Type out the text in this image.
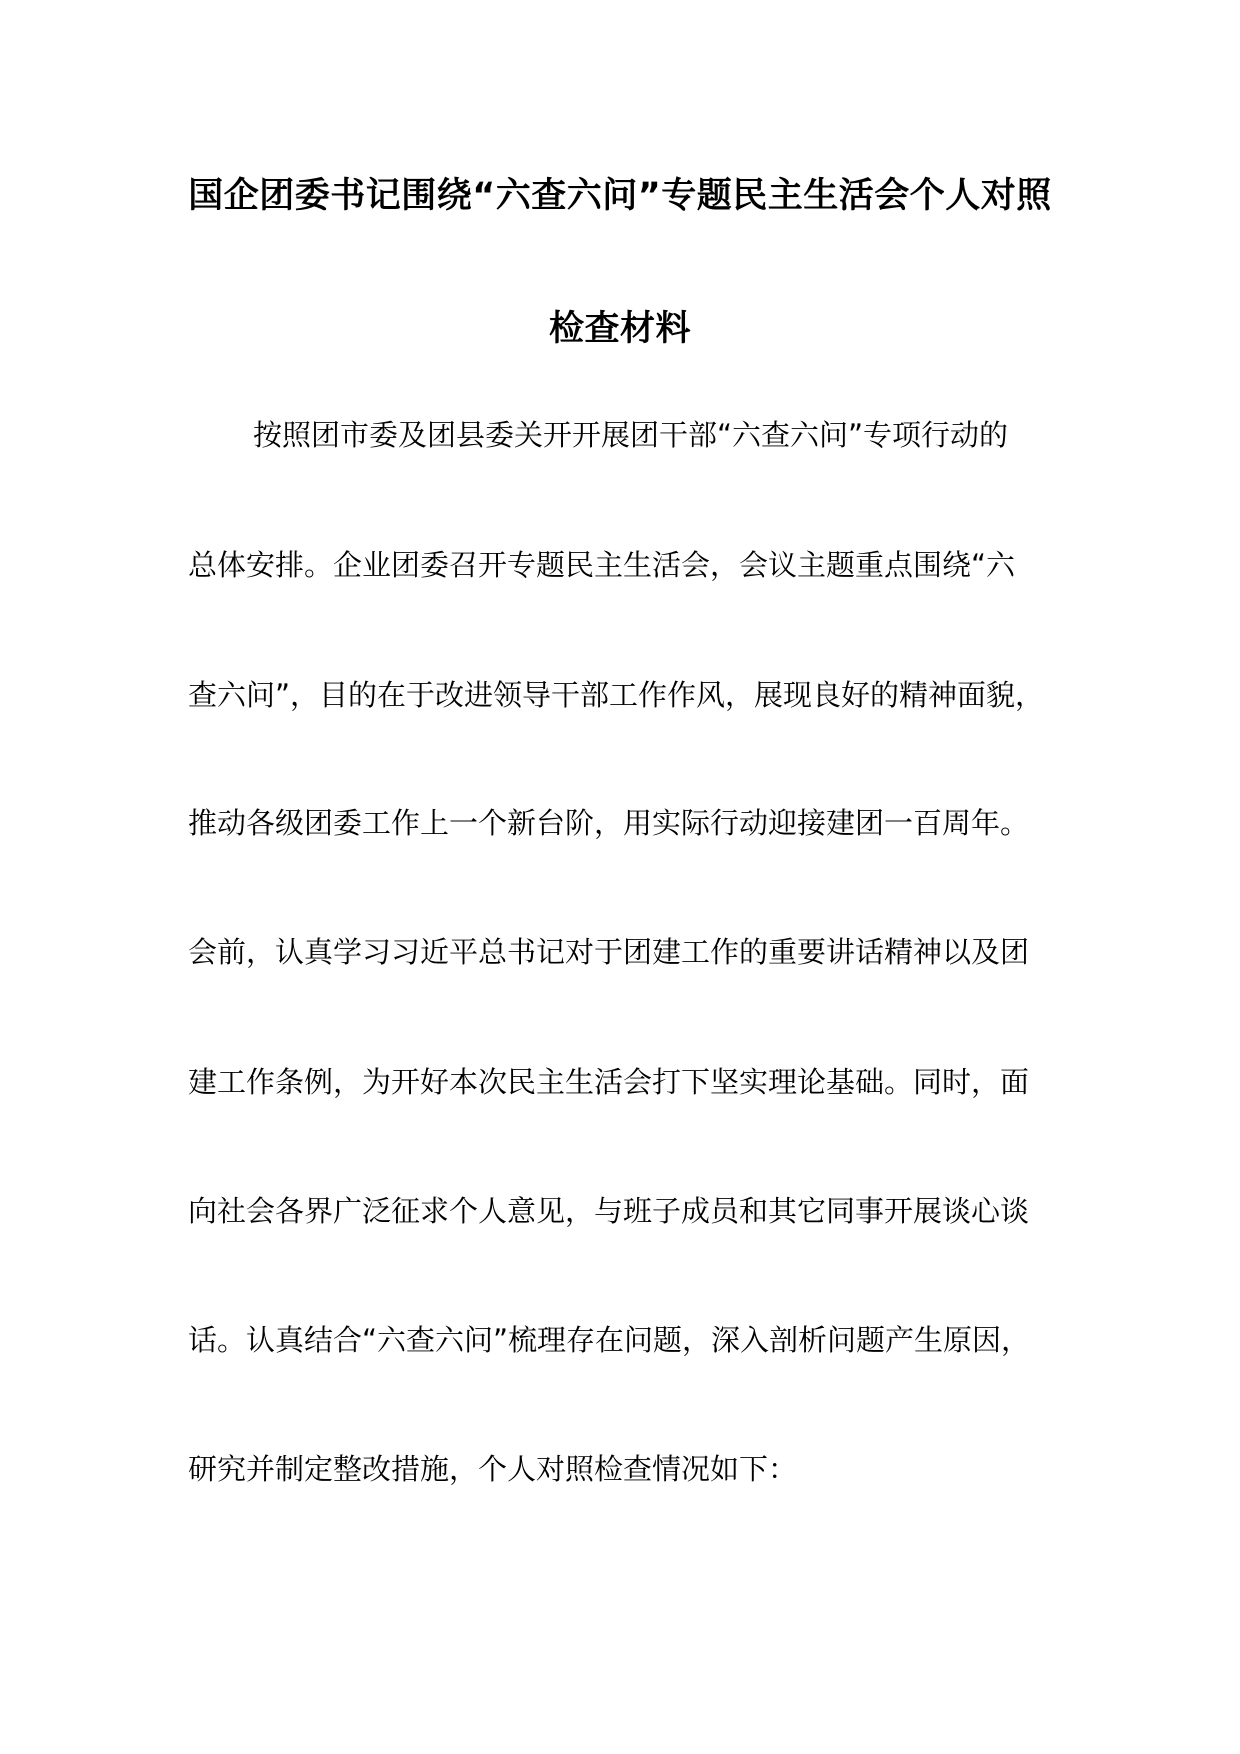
国企团委书记围绕“六查六问”专题民主生活会个人对照
检查材料
按照团市委及团县委关开开展团干部“六查六问”专项行动的
总体安排。企业团委召开专题民主生活会，会议主题重点围绕“六
查六问”，目的在于改进领导干部工作作风，展现良好的精神面貌，
推动各级团委工作上一个新台阶，用实际行动迎接建团一百周年。
会前，认真学习习近平总书记对于团建工作的重要讲话精神以及团
建工作条例，为开好本次民主生活会打下坚实理论基础。同时，面
向社会各界广泛征求个人意见，与班子成员和其它同事开展谈心谈
话。认真结合“六查六问”梳理存在问题，深入剖析问题产生原因，
研究并制定整改措施，个人对照检查情况如下：
